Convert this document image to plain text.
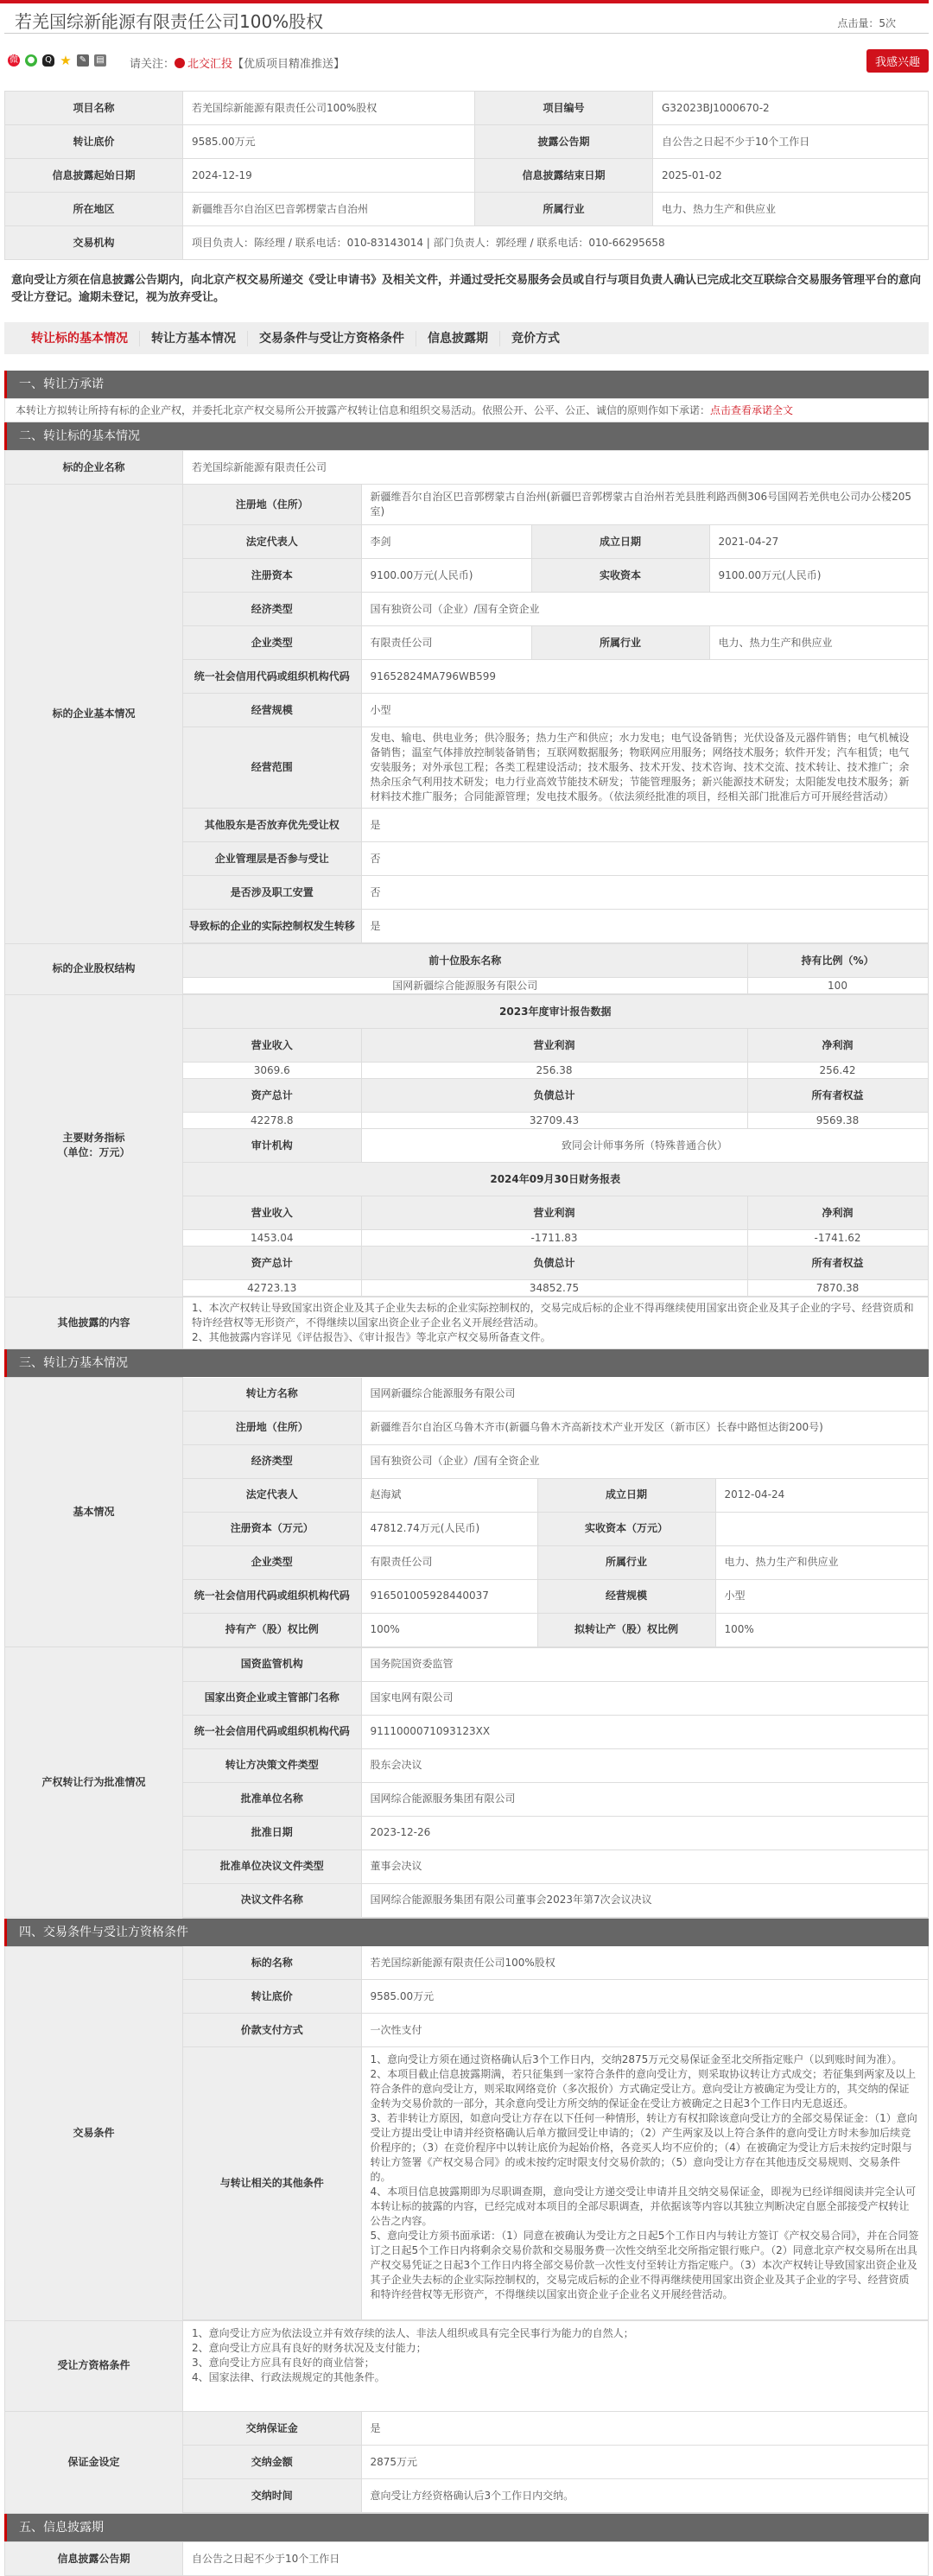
若羌国综新能源有限责任公司100%股权	点击量：5次
微 ●	Q ★ ✎ ▤ 请关注： 北交汇投【优质项目精准推送】	我感兴趣
项目名称	若羌国综新能源有限责任公司100%股权	项目编号	G32023BJ1000670-2
转让底价	9585.00万元	披露公告期	自公告之日起不少于10个工作日
信息披露起始日期	2024-12-19	信息披露结束日期	2025-01-02
所在地区	新疆维吾尔自治区巴音郭楞蒙古自治州	所属行业	电力、热力生产和供应业
交易机构	项目负责人：陈经理 / 联系电话：010-83143014 | 部门负责人：郭经理 / 联系电话：010-66295658		
意向受让方须在信息披露公告期内，向北京产权交易所递交《受让申请书》及相关文件，并通过受托交易服务会员或自行与项目负责人确认已完成北交互联综合交易服务管理平台的意向受让方登记。逾期未登记，视为放弃受让。
转让标的基本情况	转让方基本情况	交易条件与受让方资格条件	信息披露期	竞价方式
一、转让方承诺
本转让方拟转让所持有标的企业产权，并委托北京产权交易所公开披露产权转让信息和组织交易活动。依照公开、公平、公正、诚信的原则作如下承诺：点击查看承诺全文
二、转让标的基本情况
标的企业名称	若羌国综新能源有限责任公司
标的企业基本情况	
注册地（住所）	新疆维吾尔自治区巴音郭楞蒙古自治州(新疆巴音郭楞蒙古自治州若羌县胜利路西侧306号国网若羌供电公司办公楼205室)
法定代表人	李剑	成立日期	2021-04-27
注册资本	9100.00万元(人民币)	实收资本	9100.00万元(人民币)
经济类型	国有独资公司（企业）/国有全资企业
企业类型	有限责任公司	所属行业	电力、热力生产和供应业
统一社会信用代码或组织机构代码	91652824MA796WB599
经营规模	小型
经营范围	发电、输电、供电业务；供冷服务；热力生产和供应；水力发电；电气设备销售；光伏设备及元器件销售；电气机械设备销售；温室气体排放控制装备销售；互联网数据服务；物联网应用服务；网络技术服务；软件开发；汽车租赁；电气安装服务；对外承包工程；各类工程建设活动；技术服务、技术开发、技术咨询、技术交流、技术转让、技术推广；余热余压余气利用技术研发；电力行业高效节能技术研发；节能管理服务；新兴能源技术研发；太阳能发电技术服务；新材料技术推广服务；合同能源管理；发电技术服务。（依法须经批准的项目，经相关部门批准后方可开展经营活动）
其他股东是否放弃优先受让权	是
企业管理层是否参与受让	否
是否涉及职工安置	否
导致标的企业的实际控制权发生转移	是

标的企业股权结构	
前十位股东名称	持有比例（%）
国网新疆综合能源服务有限公司	100

主要财务指标
（单位：万元）

2023年度审计报告数据
营业收入	营业利润	净利润
3069.6	256.38	256.42
资产总计	负债总计	所有者权益
42278.8	32709.43	9569.38
审计机构	致同会计师事务所（特殊普通合伙）
2024年09月30日财务报表
营业收入	营业利润	净利润
1453.04	-1711.83	-1741.62
资产总计	负债总计	所有者权益
42723.13	34852.75	7870.38

其他披露的内容	
1、本次产权转让导致国家出资企业及其子企业失去标的企业实际控制权的，交易完成后标的企业不得再继续使用国家出资企业及其子企业的字号、经营资质和特许经营权等无形资产，不得继续以国家出资企业子企业名义开展经营活动。
2、其他披露内容详见《评估报告》、《审计报告》等北京产权交易所备查文件。
三、转让方基本情况
基本情况	
转让方名称	国网新疆综合能源服务有限公司
注册地（住所）	新疆维吾尔自治区乌鲁木齐市(新疆乌鲁木齐高新技术产业开发区（新市区）长春中路恒达街200号)
经济类型	国有独资公司（企业）/国有全资企业
法定代表人	赵海斌	成立日期	2012-04-24
注册资本（万元）	47812.74万元(人民币)	实收资本（万元）	
企业类型	有限责任公司	所属行业	电力、热力生产和供应业
统一社会信用代码或组织机构代码	916501005928440037	经营规模	小型
持有产（股）权比例	100%	拟转让产（股）权比例	100%

产权转让行为批准情况	
国资监管机构	国务院国资委监管
国家出资企业或主管部门名称	国家电网有限公司
统一社会信用代码或组织机构代码	9111000071093123XX
转让方决策文件类型	股东会决议
批准单位名称	国网综合能源服务集团有限公司
批准日期	2023-12-26
批准单位决议文件类型	董事会决议
决议文件名称	国网综合能源服务集团有限公司董事会2023年第7次会议决议
四、交易条件与受让方资格条件
交易条件	
标的名称	若羌国综新能源有限责任公司100%股权
转让底价	9585.00万元
价款支付方式	一次性支付
与转让相关的其他条件	
1、意向受让方须在通过资格确认后3个工作日内，交纳2875万元交易保证金至北交所指定账户（以到账时间为准）。
2、本项目截止信息披露期满，若只征集到一家符合条件的意向受让方，则采取协议转让方式成交；若征集到两家及以上符合条件的意向受让方，则采取网络竞价（多次报价）方式确定受让方。意向受让方被确定为受让方的，其交纳的保证金转为交易价款的一部分，其余意向受让方所交纳的保证金在受让方被确定之日起3个工作日内无息返还。
3、若非转让方原因，如意向受让方存在以下任何一种情形，转让方有权扣除该意向受让方的全部交易保证金：（1）意向受让方提出受让申请并经资格确认后单方撤回受让申请的；（2）产生两家及以上符合条件的意向受让方时未参加后续竞价程序的；（3）在竞价程序中以转让底价为起始价格，各竞买人均不应价的；（4）在被确定为受让方后未按约定时限与转让方签署《产权交易合同》的或未按约定时限支付交易价款的；（5）意向受让方存在其他违反交易规则、交易条件的。
4、本项目信息披露期即为尽职调查期，意向受让方递交受让申请并且交纳交易保证金，即视为已经详细阅读并完全认可本转让标的披露的内容，已经完成对本项目的全部尽职调查，并依据该等内容以其独立判断决定自愿全部接受产权转让公告之内容。
5、意向受让方须书面承诺：（1）同意在被确认为受让方之日起5个工作日内与转让方签订《产权交易合同》，并在合同签订之日起5个工作日内将剩余交易价款和交易服务费一次性交纳至北交所指定银行账户。（2）同意北京产权交易所在出具产权交易凭证之日起3个工作日内将全部交易价款一次性支付至转让方指定账户。（3）本次产权转让导致国家出资企业及其子企业失去标的企业实际控制权的，交易完成后标的企业不得再继续使用国家出资企业及其子企业的字号、经营资质和特许经营权等无形资产，不得继续以国家出资企业子企业名义开展经营活动。

受让方资格条件	
1、意向受让方应为依法设立并有效存续的法人、非法人组织或具有完全民事行为能力的自然人；
2、意向受让方应具有良好的财务状况及支付能力；
3、意向受让方应具有良好的商业信誉；
4、国家法律、行政法规规定的其他条件。

保证金设定	
交纳保证金	是
交纳金额	2875万元
交纳时间	意向受让方经资格确认后3个工作日内交纳。
五、信息披露期
信息披露公告期	自公告之日起不少于10个工作日
